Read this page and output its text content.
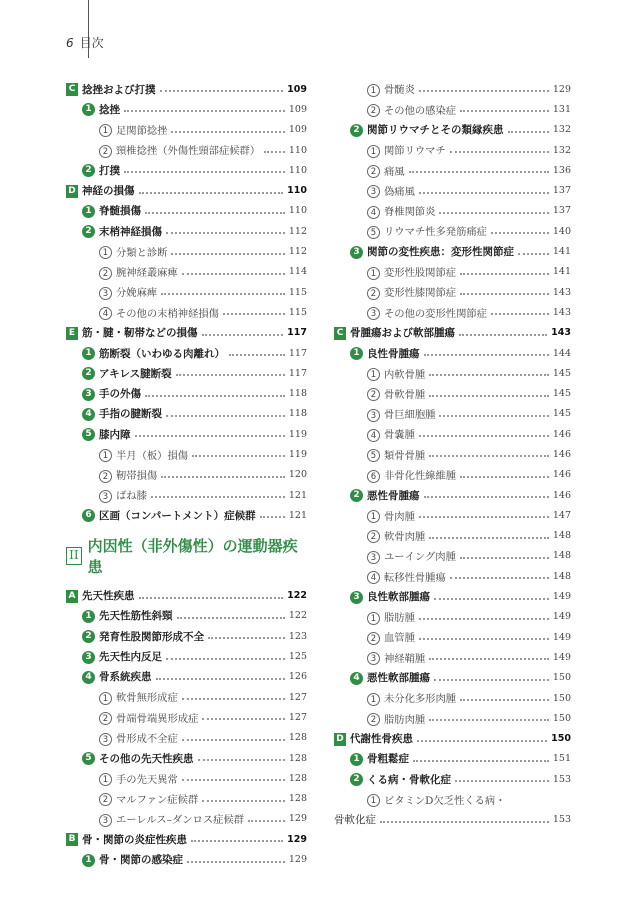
6 目次
C 捻挫および打撲	109
1 捻挫	109
1 足関節捻挫	109
2 頸椎捻挫（外傷性頸部症候群）	110
2 打撲	110
D 神経の損傷	110
1 脊髄損傷	110
2 末梢神経損傷	112
1 分類と診断	112
2 腕神経叢麻痺	114
3 分娩麻痺	115
4 その他の末梢神経損傷	115
E 筋・腱・靭帯などの損傷	117
1 筋断裂（いわゆる肉離れ）	117
2 アキレス腱断裂	117
3 手の外傷	118
4 手指の腱断裂	118
5 膝内障	119
1 半月（板）損傷	119
2 靭帯損傷	120
3 ばね膝	121
6 区画（コンパートメント）症候群	121
II 内因性（非外傷性）の運動器疾患
A 先天性疾患	122
1 先天性筋性斜頸	122
2 発育性股関節形成不全	123
3 先天性内反足	125
4 骨系統疾患	126
1 軟骨無形成症	127
2 骨端骨端異形成症	127
3 骨形成不全症	128
5 その他の先天性疾患	128
1 手の先天異常	128
2 マルファン症候群	128
3 エーレルス–ダンロス症候群	129
B 骨・関節の炎症性疾患	129
1 骨・関節の感染症	129
1 骨髄炎	129
2 その他の感染症	131
2 関節リウマチとその類縁疾患	132
1 関節リウマチ	132
2 痛風	136
3 偽痛風	137
4 脊椎関節炎	137
5 リウマチ性多発筋痛症	140
3 関節の変性疾患：変形性関節症	141
1 変形性股関節症	141
2 変形性膝関節症	143
3 その他の変形性関節症	143
C 骨腫瘍および軟部腫瘍	143
1 良性骨腫瘍	144
1 内軟骨腫	145
2 骨軟骨腫	145
3 骨巨細胞腫	145
4 骨嚢腫	146
5 類骨骨腫	146
6 非骨化性線維腫	146
2 悪性骨腫瘍	146
1 骨肉腫	147
2 軟骨肉腫	148
3 ユーイング肉腫	148
4 転移性骨腫瘍	148
3 良性軟部腫瘍	149
1 脂肪腫	149
2 血管腫	149
3 神経鞘腫	149
4 悪性軟部腫瘍	150
1 未分化多形肉腫	150
2 脂肪肉腫	150
D 代謝性骨疾患	150
1 骨粗鬆症	151
2 くる病・骨軟化症	153
1 ビタミンD欠乏性くる病・
骨軟化症	153
